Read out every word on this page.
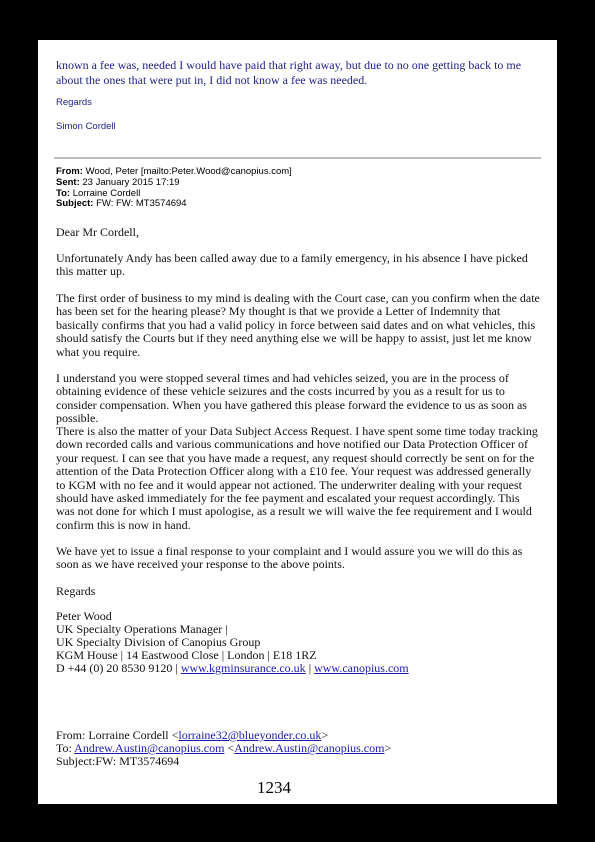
known a fee was, needed I would have paid that right away, but due to no one getting back to me about the ones that were put in, I did not know a fee was needed.
Regards
Simon Cordell
From: Wood, Peter [mailto:Peter.Wood@canopius.com]
Sent: 23 January 2015 17:19
To: Lorraine Cordell
Subject: FW: FW: MT3574694
Dear Mr Cordell,
Unfortunately Andy has been called away due to a family emergency, in his absence I have picked this matter up.
The first order of business to my mind is dealing with the Court case, can you confirm when the date has been set for the hearing please? My thought is that we provide a Letter of Indemnity that basically confirms that you had a valid policy in force between said dates and on what vehicles, this should satisfy the Courts but if they need anything else we will be happy to assist, just let me know what you require.
I understand you were stopped several times and had vehicles seized, you are in the process of obtaining evidence of these vehicle seizures and the costs incurred by you as a result for us to consider compensation. When you have gathered this please forward the evidence to us as soon as possible.
There is also the matter of your Data Subject Access Request. I have spent some time today tracking down recorded calls and various communications and hove notified our Data Protection Officer of your request. I can see that you have made a request, any request should correctly be sent on for the attention of the Data Protection Officer along with a £10 fee. Your request was addressed generally to KGM with no fee and it would appear not actioned. The underwriter dealing with your request should have asked immediately for the fee payment and escalated your request accordingly. This was not done for which I must apologise, as a result we will waive the fee requirement and I would confirm this is now in hand.
We have yet to issue a final response to your complaint and I would assure you we will do this as soon as we have received your response to the above points.
Regards
Peter Wood
UK Specialty Operations Manager |
UK Specialty Division of Canopius Group
KGM House | 14 Eastwood Close | London | E18 1RZ
D +44 (0) 20 8530 9120 | www.kgminsurance.co.uk | www.canopius.com
From: Lorraine Cordell <lorraine32@blueyonder.co.uk>
To: Andrew.Austin@canopius.com <Andrew.Austin@canopius.com>
Subject:FW: MT3574694
1234
